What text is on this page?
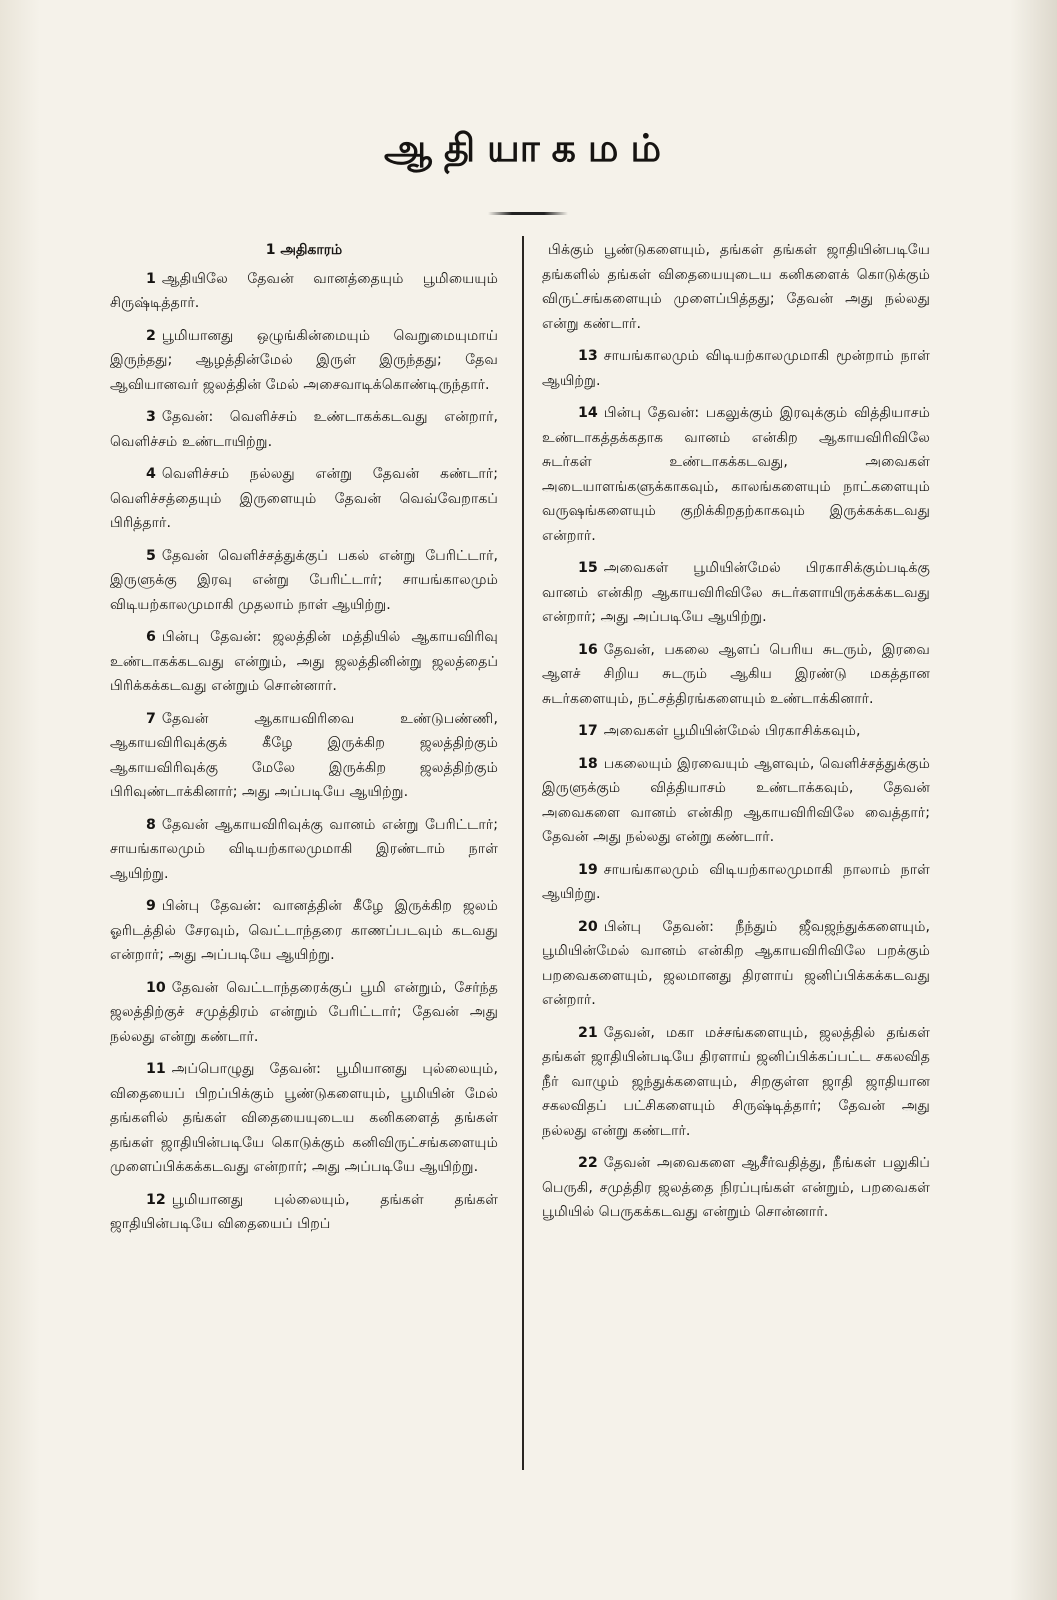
ஆதியாகமம்
1 அதிகாரம்

1 ஆதியிலே தேவன் வானத்தையும் பூமியையும் சிருஷ்டித்தார்.

2 பூமியானது ஒழுங்கின்மையும் வெறுமையுமாய் இருந்தது; ஆழத்தின்மேல் இருள் இருந்தது; தேவ ஆவியானவர் ஜலத்தின் மேல் அசைவாடிக்கொண்டிருந்தார்.

3 தேவன்: வெளிச்சம் உண்டாகக்கடவது என்றார், வெளிச்சம் உண்டாயிற்று.

4 வெளிச்சம் நல்லது என்று தேவன் கண்டார்; வெளிச்சத்தையும் இருளையும் தேவன் வெவ்வேறாகப் பிரித்தார்.

5 தேவன் வெளிச்சத்துக்குப் பகல் என்று பேரிட்டார், இருளுக்கு இரவு என்று பேரிட்டார்; சாயங்காலமும் விடியற்காலமுமாகி முதலாம் நாள் ஆயிற்று.

6 பின்பு தேவன்: ஜலத்தின் மத்தியில் ஆகாயவிரிவு உண்டாகக்கடவது என்றும், அது ஜலத்தினின்று ஜலத்தைப் பிரிக்கக்கடவது என்றும் சொன்னார்.

7 தேவன் ஆகாயவிரிவை உண்டுபண்ணி, ஆகாயவிரிவுக்குக் கீழே இருக்கிற ஜலத்திற்கும் ஆகாயவிரிவுக்கு மேலே இருக்கிற ஜலத்திற்கும் பிரிவுண்டாக்கினார்; அது அப்படியே ஆயிற்று.

8 தேவன் ஆகாயவிரிவுக்கு வானம் என்று பேரிட்டார்; சாயங்காலமும் விடியற்காலமுமாகி இரண்டாம் நாள் ஆயிற்று.

9 பின்பு தேவன்: வானத்தின் கீழே இருக்கிற ஜலம் ஓரிடத்தில் சேரவும், வெட்டாந்தரை காணப்படவும் கடவது என்றார்; அது அப்படியே ஆயிற்று.

10 தேவன் வெட்டாந்தரைக்குப் பூமி என்றும், சேர்ந்த ஜலத்திற்குச் சமுத்திரம் என்றும் பேரிட்டார்; தேவன் அது நல்லது என்று கண்டார்.

11 அப்பொழுது தேவன்: பூமியானது புல்லையும், விதையைப் பிறப்பிக்கும் பூண்டுகளையும், பூமியின் மேல் தங்களில் தங்கள் விதையையுடைய கனிகளைத் தங்கள் தங்கள் ஜாதியின்படியே கொடுக்கும் கனிவிருட்சங்களையும் முளைப்பிக்கக்கடவது என்றார்; அது அப்படியே ஆயிற்று.

12 பூமியானது புல்லையும், தங்கள் தங்கள் ஜாதியின்படியே விதையைப் பிறப்

பிக்கும் பூண்டுகளையும், தங்கள் தங்கள் ஜாதியின்படியே தங்களில் தங்கள் விதையையுடைய கனிகளைக் கொடுக்கும் விருட்சங்களையும் முளைப்பித்தது; தேவன் அது நல்லது என்று கண்டார்.

13 சாயங்காலமும் விடியற்காலமுமாகி மூன்றாம் நாள் ஆயிற்று.

14 பின்பு தேவன்: பகலுக்கும் இரவுக்கும் வித்தியாசம் உண்டாகத்தக்கதாக வானம் என்கிற ஆகாயவிரிவிலே சுடர்கள் உண்டாகக்கடவது, அவைகள் அடையாளங்களுக்காகவும், காலங்களையும் நாட்களையும் வருஷங்களையும் குறிக்கிறதற்காகவும் இருக்கக்கடவது என்றார்.

15 அவைகள் பூமியின்மேல் பிரகாசிக்கும்படிக்கு வானம் என்கிற ஆகாயவிரிவிலே சுடர்களாயிருக்கக்கடவது என்றார்; அது அப்படியே ஆயிற்று.

16 தேவன், பகலை ஆளப் பெரிய சுடரும், இரவை ஆளச் சிறிய சுடரும் ஆகிய இரண்டு மகத்தான சுடர்களையும், நட்சத்திரங்களையும் உண்டாக்கினார்.

17 அவைகள் பூமியின்மேல் பிரகாசிக்கவும்,

18 பகலையும் இரவையும் ஆளவும், வெளிச்சத்துக்கும் இருளுக்கும் வித்தியாசம் உண்டாக்கவும், தேவன் அவைகளை வானம் என்கிற ஆகாயவிரிவிலே வைத்தார்; தேவன் அது நல்லது என்று கண்டார்.

19 சாயங்காலமும் விடியற்காலமுமாகி நாலாம் நாள் ஆயிற்று.

20 பின்பு தேவன்: நீந்தும் ஜீவஜந்துக்களையும், பூமியின்மேல் வானம் என்கிற ஆகாயவிரிவிலே பறக்கும் பறவைகளையும், ஜலமானது திரளாய் ஜனிப்பிக்கக்கடவது என்றார்.

21 தேவன், மகா மச்சங்களையும், ஜலத்தில் தங்கள் தங்கள் ஜாதியின்படியே திரளாய் ஜனிப்பிக்கப்பட்ட சகலவித நீர் வாழும் ஜந்துக்களையும், சிறகுள்ள ஜாதி ஜாதியான சகலவிதப் பட்சிகளையும் சிருஷ்டித்தார்; தேவன் அது நல்லது என்று கண்டார்.

22 தேவன் அவைகளை ஆசீர்வதித்து, நீங்கள் பலுகிப் பெருகி, சமுத்திர ஜலத்தை நிரப்புங்கள் என்றும், பறவைகள் பூமியில் பெருகக்கடவது என்றும் சொன்னார்.
